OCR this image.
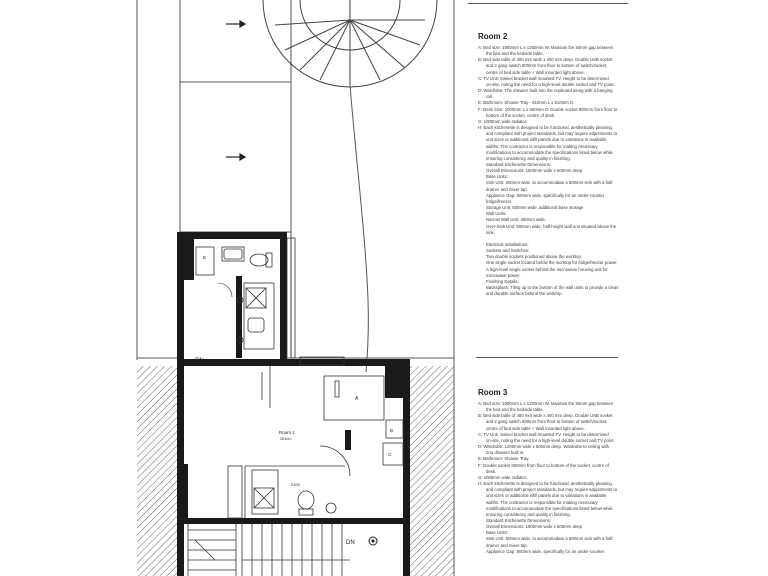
Room 1
18.6 m²
A
B
C
E
DN
DN
2100
Room 2
A: Bed size: 1900mm L x 1200mm W. Maintain the 50mm gap between
the bed and the bedside table.
B: Bed side table of 400 mm wide x 400 mm deep. Double USB socket
and 2 gang switch 600mm from floor to bottom of switch/socket,
centre of bed side table + Wall mounted light above.
C: TV Unit: Swivel bracket wall mounted TV. Height to be determined
on-site, noting the need for a high-level double socket and TV point.
D: Wardrobe: The drawers built into the cupboard along with a hanging
rail.
E: Bathroom: Shower Tray - 810mm L x 810mm D.
F: Desk Size: 1000mm L x 400mm D. Double socket 800mm from floor to
bottom of the socket, centre of desk.
G: 1000mm wide radiator.
H: Each kitchenette is designed to be functional, aesthetically pleasing,
and compliant with project standards, but may require adjustments to
unit sizes or additional infill panels due to variations in available
widths. The contractor is responsible for making necessary
modifications to accommodate the specifications listed below while
ensuring consistency and quality in finishing.
Standard Kitchenette Dimensions:
Overall Dimensions: 1500mm wide x 600mm deep
Base Units:
Sink Unit: 500mm wide, to accommodate a 500mm sink with a half
drainer and mixer tap.
Appliance Gap: 500mm wide, specifically for an under-counter
fridge/freezer.
Storage Unit: 500mm wide, additional base storage
Wall Units:
Narrow Wall Unit: 300mm wide.
Over-Sink Unit: 500mm wide, half-height wall unit situated above the
sink.

Electrical Installations:
Sockets and Switches:
Two double sockets positioned above the worktop.
One single socket located below the worktop for fridge/freezer power.
A high-level single socket behind the microwave housing unit for
microwave power.
Finishing Details:
Backsplash: Tiling up to the bottom of the wall units to provide a clean
and durable surface behind the worktop.
Room 3
A: Bed size: 1900mm L x 1200mm W. Maintain the 50mm gap between
the bed and the bedside table.
B: Bed side table of 400 mm wide x 400 mm deep. Double USB socket
and 2 gang switch 600mm from floor to bottom of switch/socket,
centre of bed side table + Wall mounted light above.
C: TV Unit: Swivel bracket wall mounted TV. Height to be determined
on-site, noting the need for a high-level double socket and TV point.
D: Wardrobe: 1200mm wide x 500mm deep. Wardrobe to ceiling with
2no drawers built in.
E: Bathroom: Shower Tray.
F: Double socket 800mm from floor to bottom of the socket, centre of
desk.
G: 1000mm wide radiator.
H: Each kitchenette is designed to be functional, aesthetically pleasing,
and compliant with project standards, but may require adjustments to
unit sizes or additional infill panels due to variations in available
widths. The contractor is responsible for making necessary
modifications to accommodate the specifications listed below while
ensuring consistency and quality in finishing.
Standard Kitchenette Dimensions:
Overall Dimensions: 1900mm wide x 600mm deep
Base Units:
Sink Unit: 500mm wide, to accommodate a 500mm sink with a half
drainer and mixer tap.
Appliance Gap: 500mm wide, specifically for an under-counter
